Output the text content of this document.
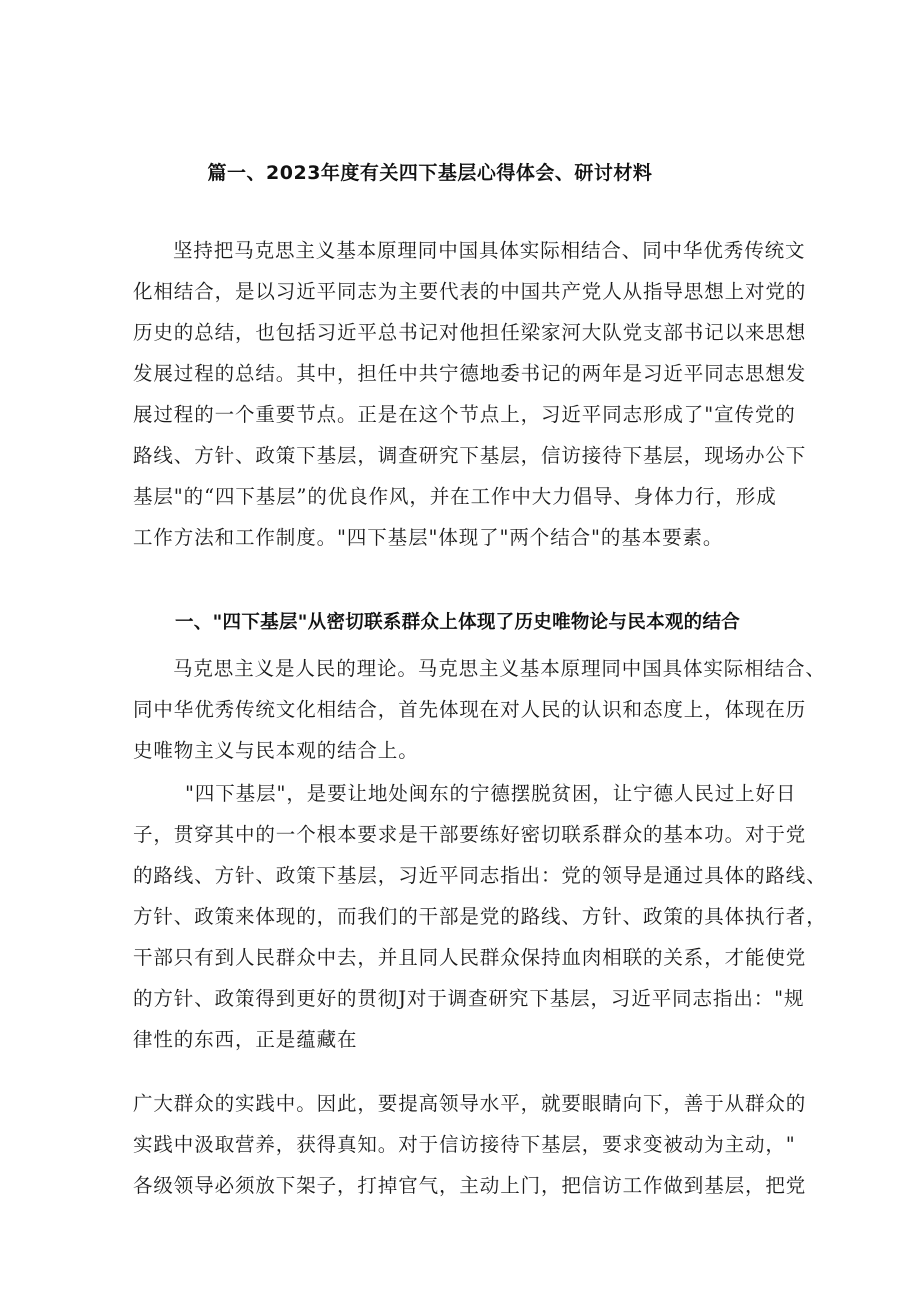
篇一、2023年度有关四下基层心得体会、研讨材料
坚持把马克思主义基本原理同中国具体实际相结合、同中华优秀传统文
化相结合，是以习近平同志为主要代表的中国共产党人从指导思想上对党的
历史的总结，也包括习近平总书记对他担任梁家河大队党支部书记以来思想
发展过程的总结。其中，担任中共宁德地委书记的两年是习近平同志思想发
展过程的一个重要节点。正是在这个节点上，习近平同志形成了"宣传党的
路线、方针、政策下基层，调查研究下基层，信访接待下基层，现场办公下
基层"的“四下基层”的优良作风，并在工作中大力倡导、身体力行，形成
工作方法和工作制度。"四下基层"体现了"两个结合"的基本要素。
一、"四下基层"从密切联系群众上体现了历史唯物论与民本观的结合
马克思主义是人民的理论。马克思主义基本原理同中国具体实际相结合、
同中华优秀传统文化相结合，首先体现在对人民的认识和态度上，体现在历
史唯物主义与民本观的结合上。
"四下基层"，是要让地处闽东的宁德摆脱贫困，让宁德人民过上好日
子，贯穿其中的一个根本要求是干部要练好密切联系群众的基本功。对于党
的路线、方针、政策下基层，习近平同志指出：党的领导是通过具体的路线、
方针、政策来体现的，而我们的干部是党的路线、方针、政策的具体执行者，
干部只有到人民群众中去，并且同人民群众保持血肉相联的关系，才能使党
的方针、政策得到更好的贯彻J对于调查研究下基层，习近平同志指出："规
律性的东西，正是蕴藏在
广大群众的实践中。因此，要提高领导水平，就要眼睛向下，善于从群众的
实践中汲取营养，获得真知。对于信访接待下基层，要求变被动为主动，"
各级领导必须放下架子，打掉官气，主动上门，把信访工作做到基层，把党
